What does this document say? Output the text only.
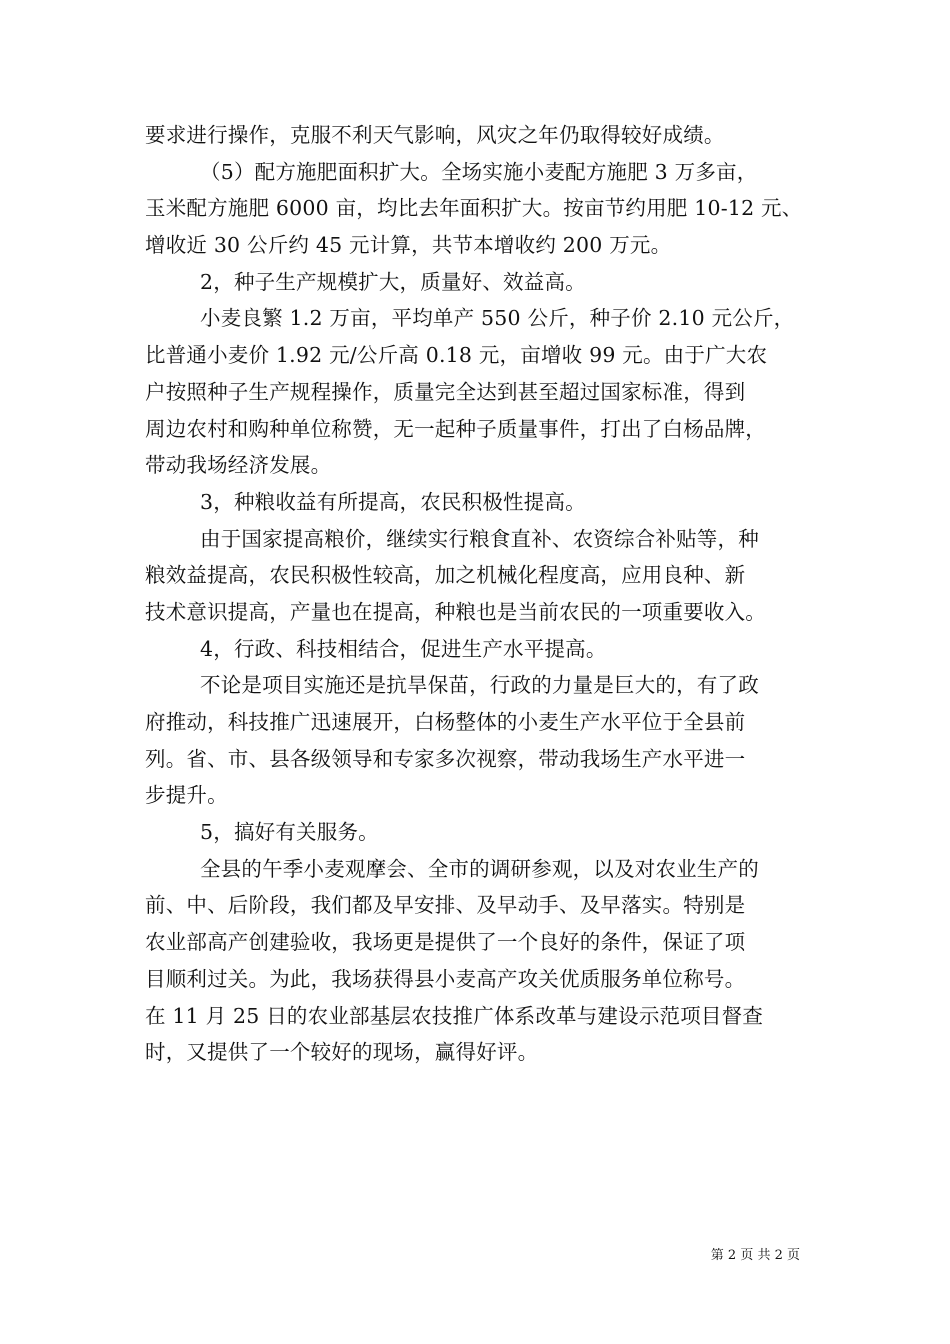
要求进行操作，克服不利天气影响，风灾之年仍取得较好成绩。
（5）配方施肥面积扩大。全场实施小麦配方施肥 3 万多亩，
玉米配方施肥 6000 亩，均比去年面积扩大。按亩节约用肥 10-12 元、
增收近 30 公斤约 45 元计算，共节本增收约 200 万元。
2，种子生产规模扩大，质量好、效益高。
小麦良繁 1.2 万亩，平均单产 550 公斤，种子价 2.10 元公斤，
比普通小麦价 1.92 元/公斤高 0.18 元，亩增收 99 元。由于广大农
户按照种子生产规程操作，质量完全达到甚至超过国家标准，得到
周边农村和购种单位称赞，无一起种子质量事件，打出了白杨品牌，
带动我场经济发展。
3，种粮收益有所提高，农民积极性提高。
由于国家提高粮价，继续实行粮食直补、农资综合补贴等，种
粮效益提高，农民积极性较高，加之机械化程度高，应用良种、新
技术意识提高，产量也在提高，种粮也是当前农民的一项重要收入。
4，行政、科技相结合，促进生产水平提高。
不论是项目实施还是抗旱保苗，行政的力量是巨大的，有了政
府推动，科技推广迅速展开，白杨整体的小麦生产水平位于全县前
列。省、市、县各级领导和专家多次视察，带动我场生产水平进一
步提升。
5，搞好有关服务。
全县的午季小麦观摩会、全市的调研参观，以及对农业生产的
前、中、后阶段，我们都及早安排、及早动手、及早落实。特别是
农业部高产创建验收，我场更是提供了一个良好的条件，保证了项
目顺利过关。为此，我场获得县小麦高产攻关优质服务单位称号。
在 11 月 25 日的农业部基层农技推广体系改革与建设示范项目督查
时，又提供了一个较好的现场，赢得好评。
第 2 页 共 2 页
